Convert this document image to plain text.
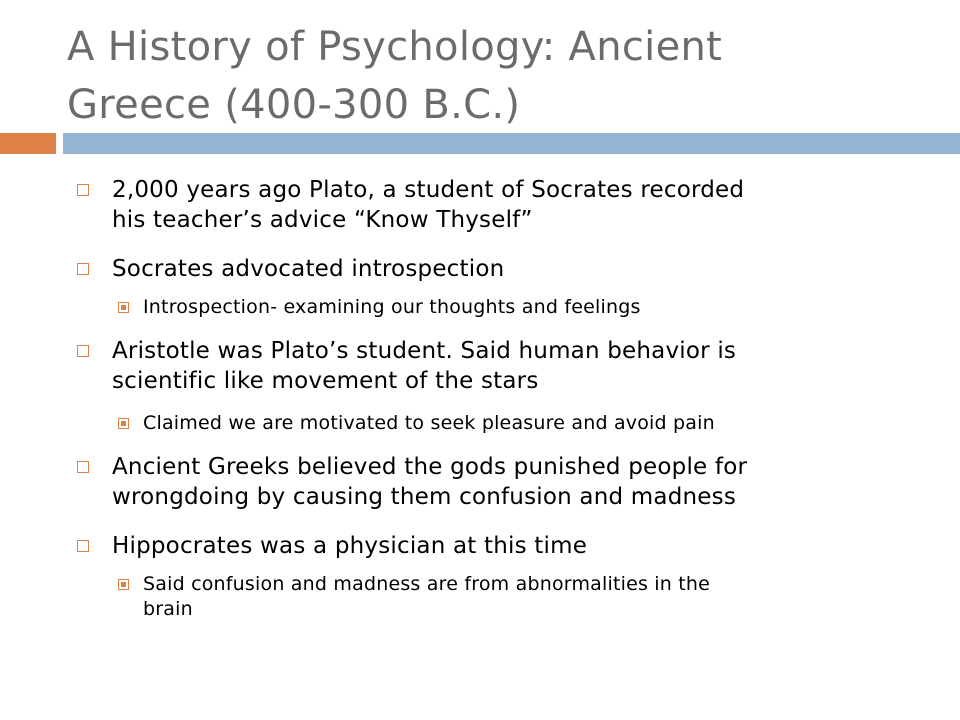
A History of Psychology: Ancient
Greece (400-300 B.C.)
2,000 years ago Plato, a student of Socrates recorded
his teacher’s advice “Know Thyself”
Socrates advocated introspection
Introspection- examining our thoughts and feelings
Aristotle was Plato’s student. Said human behavior is
scientific like movement of the stars
Claimed we are motivated to seek pleasure and avoid pain
Ancient Greeks believed the gods punished people for
wrongdoing by causing them confusion and madness
Hippocrates was a physician at this time
Said confusion and madness are from abnormalities in the
brain
